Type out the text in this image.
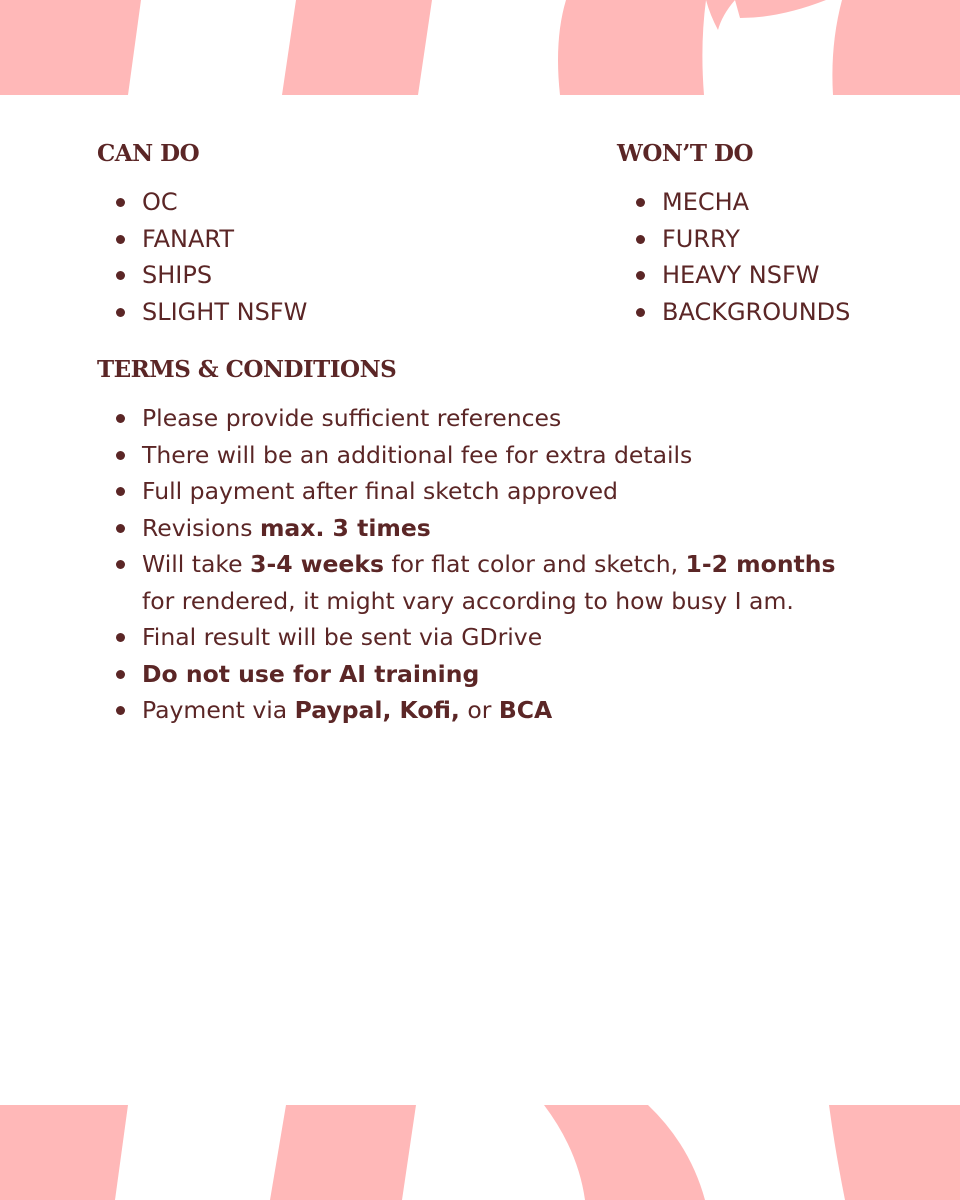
CAN DO
OC
FANART
SHIPS
SLIGHT NSFW
WON’T DO
MECHA
FURRY
HEAVY NSFW
BACKGROUNDS
TERMS & CONDITIONS
Please provide sufficient references
There will be an additional fee for extra details
Full payment after final sketch approved
Revisions max. 3 times
Will take 3-4 weeks for flat color and sketch, 1-2 months
for rendered, it might vary according to how busy I am.
Final result will be sent via GDrive
Do not use for AI training
Payment via Paypal, Kofi, or BCA
